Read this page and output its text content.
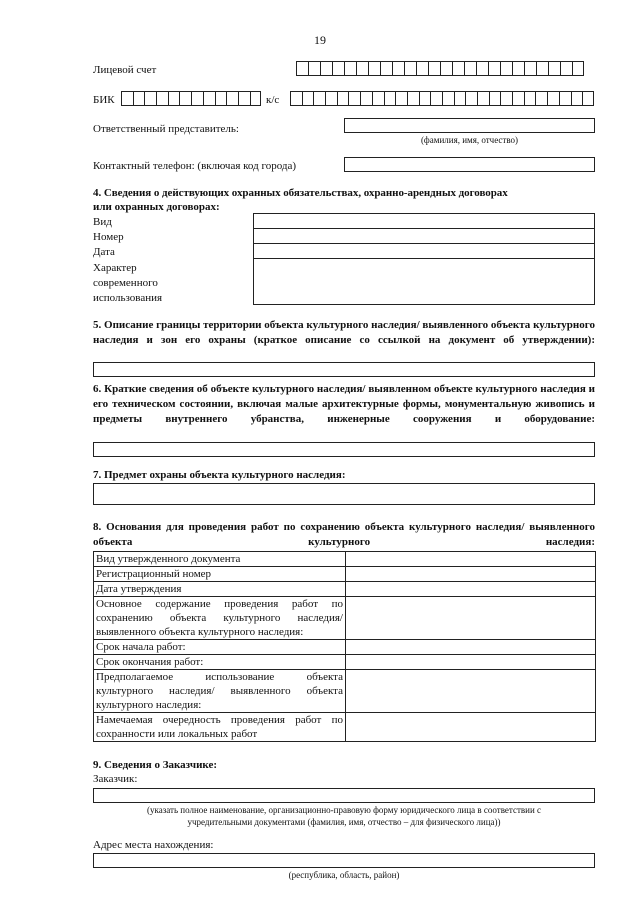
19
Лицевой счет
БИК	к/с
Ответственный представитель:
(фамилия, имя, отчество)
Контактный телефон: (включая код города)
4. Сведения о действующих охранных обязательствах, охранно-арендных договорах
или охранных договорах:
Вид
Номер
Дата
Характер
современного
использования
5. Описание границы территории объекта культурного наследия/ выявленного объекта культурного наследия и зон его охраны (краткое описание со ссылкой на документ об утверждении):
6. Краткие сведения об объекте культурного наследия/ выявленном объекте культурного наследия и его техническом состоянии, включая малые архитектурные формы, монументальную живопись и предметы внутреннего убранства, инженерные сооружения и оборудование:
7. Предмет охраны объекта культурного наследия:
8. Основания для проведения работ по сохранению объекта культурного наследия/ выявленного объекта культурного наследия:
Вид утвержденного документа	
Регистрационный номер	
Дата утверждения	
Основное содержание проведения работ по сохранению объекта культурного наследия/ выявленного объекта культурного наследия:	
Срок начала работ:	
Срок окончания работ:	
Предполагаемое использование объекта культурного наследия/ выявленного объекта культурного наследия:	
Намечаемая очередность проведения работ по сохранности или локальных работ	
9. Сведения о Заказчике:
Заказчик:
(указать полное наименование, организационно-правовую форму юридического лица в соответствии с
учредительными документами (фамилия, имя, отчество – для физического лица))
Адрес места нахождения:
(республика, область, район)
